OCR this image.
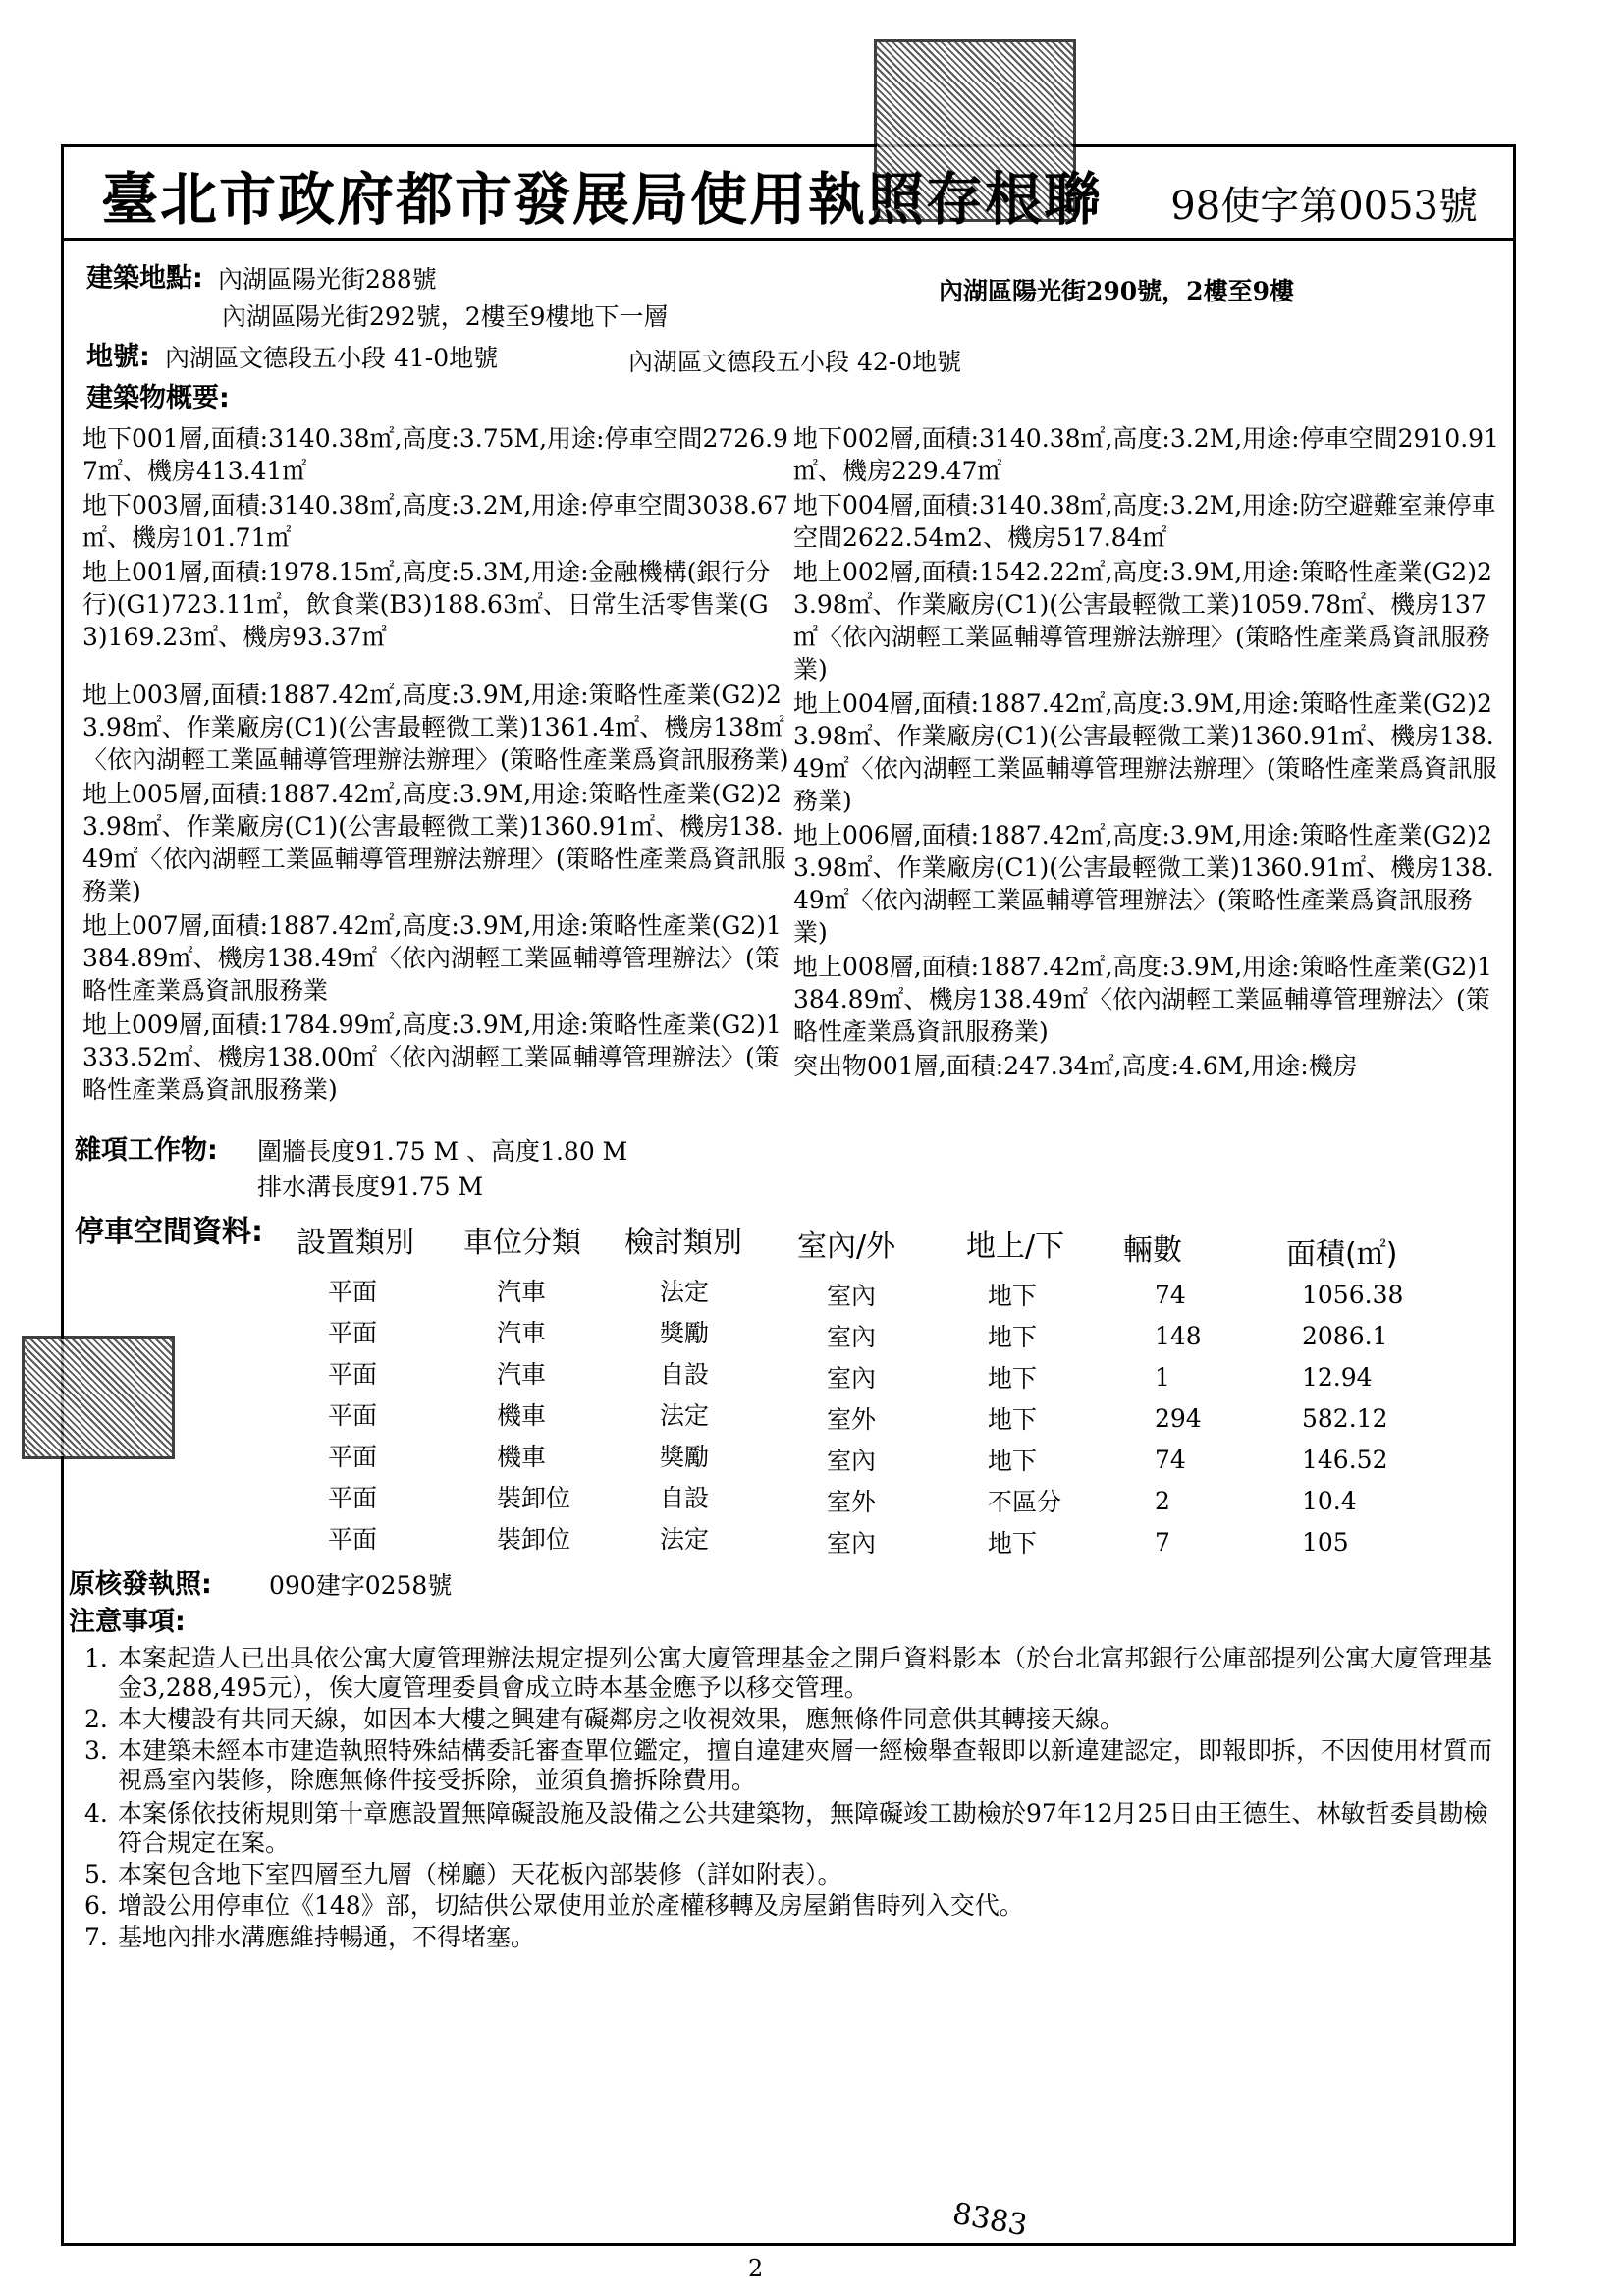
臺北市政府都市發展局使用執照存根聯 98使字第0053號
建築地點: 內湖區陽光街288號
內湖區陽光街292號，2樓至9樓地下一層
內湖區陽光街290號，2樓至9樓
地號: 內湖區文德段五小段 41-0地號	內湖區文德段五小段 42-0地號
建築物概要:
地下001層,面積:3140.38㎡,高度:3.75M,用途:停車空間2726.97㎡、機房413.41㎡
地下003層,面積:3140.38㎡,高度:3.2M,用途:停車空間3038.67㎡、機房101.71㎡
地上001層,面積:1978.15㎡,高度:5.3M,用途:金融機構(銀行分行)(G1)723.11㎡，飲食業(B3)188.63㎡、日常生活零售業(G3)169.23㎡、機房93.37㎡
地上003層,面積:1887.42㎡,高度:3.9M,用途:策略性產業(G2)23.98㎡、作業廠房(C1)(公害最輕微工業)1361.4㎡、機房138㎡〈依內湖輕工業區輔導管理辦法辦理〉(策略性產業爲資訊服務業)
地上005層,面積:1887.42㎡,高度:3.9M,用途:策略性產業(G2)23.98㎡、作業廠房(C1)(公害最輕微工業)1360.91㎡、機房138.49㎡〈依內湖輕工業區輔導管理辦法辦理〉(策略性產業爲資訊服務業)
地上007層,面積:1887.42㎡,高度:3.9M,用途:策略性產業(G2)1384.89㎡、機房138.49㎡〈依內湖輕工業區輔導管理辦法〉(策略性產業爲資訊服務業
地上009層,面積:1784.99㎡,高度:3.9M,用途:策略性產業(G2)1333.52㎡、機房138.00㎡〈依內湖輕工業區輔導管理辦法〉(策略性產業爲資訊服務業)
地下002層,面積:3140.38㎡,高度:3.2M,用途:停車空間2910.91㎡、機房229.47㎡
地下004層,面積:3140.38㎡,高度:3.2M,用途:防空避難室兼停車空間2622.54m2、機房517.84㎡
地上002層,面積:1542.22㎡,高度:3.9M,用途:策略性產業(G2)23.98㎡、作業廠房(C1)(公害最輕微工業)1059.78㎡、機房137㎡〈依內湖輕工業區輔導管理辦法辦理〉(策略性產業爲資訊服務業)
地上004層,面積:1887.42㎡,高度:3.9M,用途:策略性產業(G2)23.98㎡、作業廠房(C1)(公害最輕微工業)1360.91㎡、機房138.49㎡〈依內湖輕工業區輔導管理辦法辦理〉(策略性產業爲資訊服務業)
地上006層,面積:1887.42㎡,高度:3.9M,用途:策略性產業(G2)23.98㎡、作業廠房(C1)(公害最輕微工業)1360.91㎡、機房138.49㎡〈依內湖輕工業區輔導管理辦法〉(策略性產業爲資訊服務業)
地上008層,面積:1887.42㎡,高度:3.9M,用途:策略性產業(G2)1384.89㎡、機房138.49㎡〈依內湖輕工業區輔導管理辦法〉(策略性產業爲資訊服務業)
突出物001層,面積:247.34㎡,高度:4.6M,用途:機房
雜項工作物: 圍牆長度91.75 M 、高度1.80 M
排水溝長度91.75 M
停車空間資料: 設置類別 車位分類 檢討類別 室內/外 地上/下 輛數	面積(㎡)
平面	汽車	法定	室內	地下	74	1056.38
平面	汽車	獎勵	室內	地下	148	2086.1
平面	汽車	自設	室內	地下	1	12.94
平面	機車	法定	室外	地下	294	582.12
平面	機車	獎勵	室內	地下	74	146.52
平面	裝卸位	自設	室外	不區分	2	10.4
平面	裝卸位	法定	室內	地下	7	105
原核發執照: 090建字0258號
注意事項:
1. 本案起造人已出具依公寓大廈管理辦法規定提列公寓大廈管理基金之開戶資料影本（於台北富邦銀行公庫部提列公寓大廈管理基金3,288,495元），俟大廈管理委員會成立時本基金應予以移交管理。
2. 本大樓設有共同天線，如因本大樓之興建有礙鄰房之收視效果，應無條件同意供其轉接天線。
3. 本建築未經本市建造執照特殊結構委託審查單位鑑定，擅自違建夾層一經檢舉查報即以新違建認定，即報即拆，不因使用材質而視爲室內裝修，除應無條件接受拆除，並須負擔拆除費用。
4. 本案係依技術規則第十章應設置無障礙設施及設備之公共建築物，無障礙竣工勘檢於97年12月25日由王德生、林敏哲委員勘檢符合規定在案。
5. 本案包含地下室四層至九層（梯廳）天花板內部裝修（詳如附表）。
6. 增設公用停車位《148》部，切結供公眾使用並於產權移轉及房屋銷售時列入交代。
7. 基地內排水溝應維持暢通，不得堵塞。
8383
2
